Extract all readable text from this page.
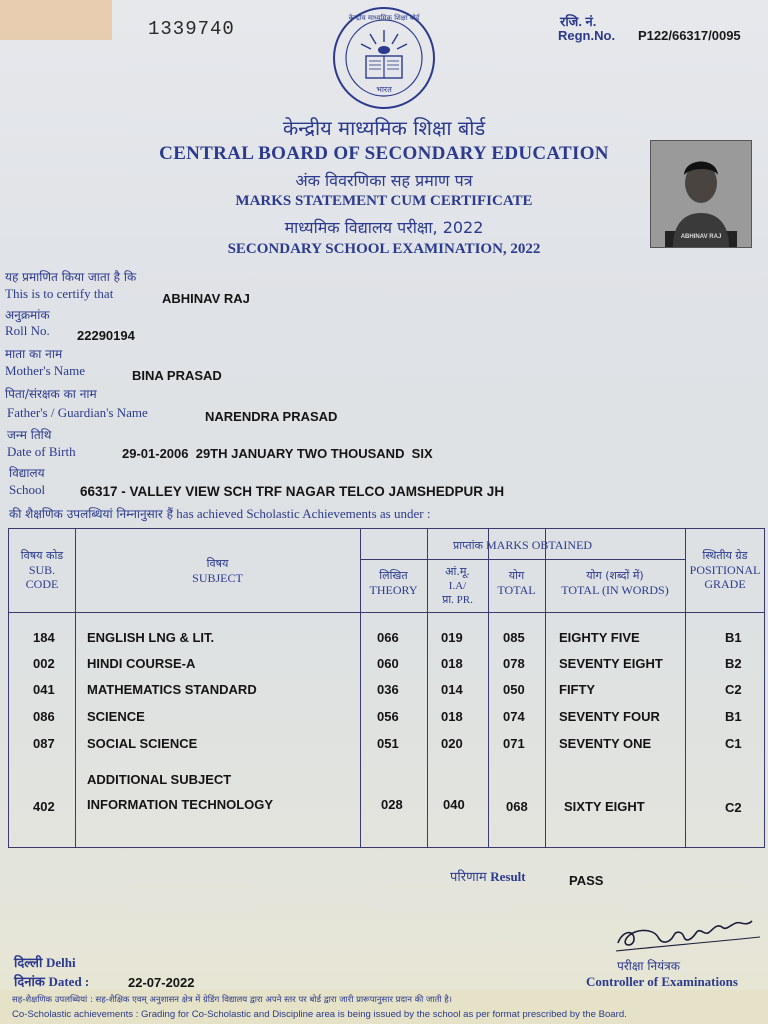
1339740	रजि. नं.
Regn.No. P122/66317/0095
केन्द्रीय माध्यमिक शिक्षा बोर्ड
भारत
केन्द्रीय माध्यमिक शिक्षा बोर्ड
CENTRAL BOARD OF SECONDARY EDUCATION
अंक विवरणिका सह प्रमाण पत्र
MARKS STATEMENT CUM CERTIFICATE
माध्यमिक विद्यालय परीक्षा, 2022
SECONDARY SCHOOL EXAMINATION, 2022
ABHINAV RAJ
यह प्रमाणित किया जाता है कि
This is to certify that	ABHINAV RAJ
अनुक्रमांक
Roll No. 22290194
माता का नाम
Mother's Name	BINA PRASAD
पिता/संरक्षक का नाम
Father's / Guardian's Name	NARENDRA PRASAD
जन्म तिथि
Date of Birth	29-01-2006  29TH JANUARY TWO THOUSAND  SIX
विद्यालय
School	66317 - VALLEY VIEW SCH TRF NAGAR TELCO JAMSHEDPUR JH
की शैक्षणिक उपलब्धियां निम्नानुसार हैं has achieved Scholastic Achievements as under :
विषय कोड
SUB.
CODE
विषय
SUBJECT
प्राप्तांक MARKS OBTAINED
लिखित
THEORY
आं.मू.
I.A/
प्रा. PR.
योग
TOTAL
योग (शब्दों में)
TOTAL (IN WORDS)
स्थितीय ग्रेड
POSITIONAL
GRADE
184 ENGLISH LNG & LIT.	066	019	085	EIGHTY FIVE	B1
002 HINDI COURSE-A	060	018	078	SEVENTY EIGHT	B2
041 MATHEMATICS STANDARD	036	014	050	FIFTY	C2
086 SCIENCE	056	018	074	SEVENTY FOUR	B1
087 SOCIAL SCIENCE	051	020	071	SEVENTY ONE	C1
ADDITIONAL SUBJECT
402 INFORMATION TECHNOLOGY	028	040	068	SIXTY EIGHT	C2
परिणाम Result	PASS
परीक्षा नियंत्रक
Controller of Examinations
दिल्ली Delhi
दिनांक Dated :	22-07-2022
सह-शैक्षणिक उपलब्धियां : सह-शैक्षिक एवम् अनुशासन क्षेत्र में ग्रेडिंग विद्यालय द्वारा अपने स्तर पर बोर्ड द्वारा जारी प्रारूपानुसार प्रदान की जाती है।
Co-Scholastic achievements : Grading for Co-Scholastic and Discipline area is being issued by the school as per format prescribed by the Board.
